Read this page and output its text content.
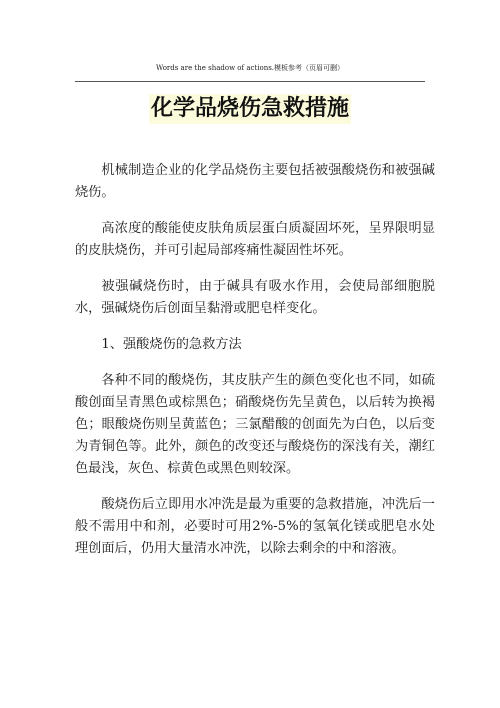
Words are the shadow of actions.模板参考（页眉可删）
化学品烧伤急救措施

机械制造企业的化学品烧伤主要包括被强酸烧伤和被强碱烧伤。

高浓度的酸能使皮肤角质层蛋白质凝固坏死，呈界限明显的皮肤烧伤，并可引起局部疼痛性凝固性坏死。

被强碱烧伤时，由于碱具有吸水作用，会使局部细胞脱水，强碱烧伤后创面呈黏滑或肥皂样变化。

1、强酸烧伤的急救方法

各种不同的酸烧伤，其皮肤产生的颜色变化也不同，如硫酸创面呈青黑色或棕黑色；硝酸烧伤先呈黄色，以后转为换褐色；眼酸烧伤则呈黄蓝色；三氯醋酸的创面先为白色，以后变为青铜色等。此外，颜色的改变还与酸烧伤的深浅有关，潮红色最浅，灰色、棕黄色或黑色则较深。

酸烧伤后立即用水冲洗是最为重要的急救措施，冲洗后一般不需用中和剂，必要时可用2%-5%的氢氧化镁或肥皂水处理创面后，仍用大量清水冲洗，以除去剩余的中和溶液。
